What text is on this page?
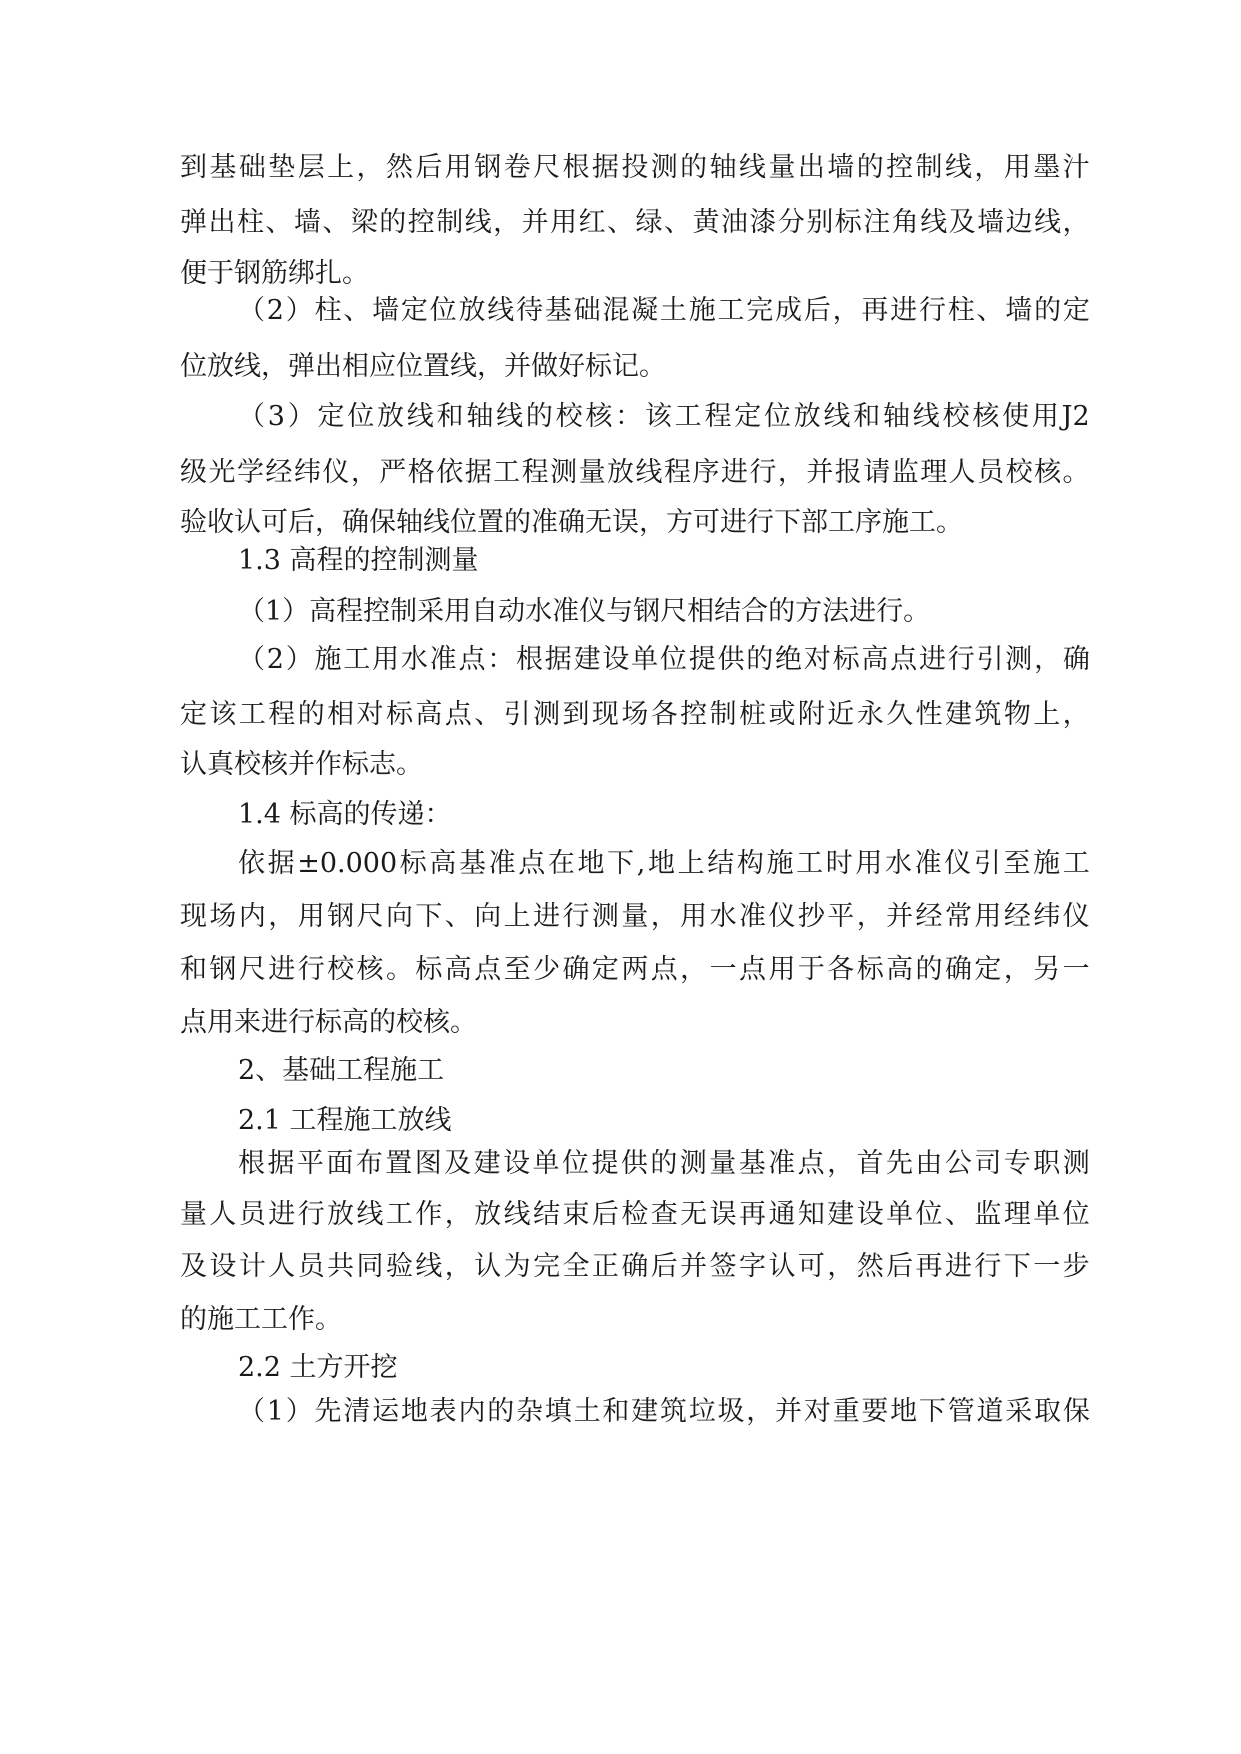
到 基 础 垫 层 上 ， 然 后 用 钢 卷 尺 根 据 投 测 的 轴 线 量 出 墙 的 控 制 线 ， 用 墨 汁
弹 出 柱 、 墙 、 梁 的 控 制 线 ， 并 用 红 、 绿 、 黄 油 漆 分 别 标 注 角 线 及 墙 边 线 ，
便于钢筋绑扎。
（ 2 ） 柱 、 墙 定 位 放 线 待 基 础 混 凝 土 施 工 完 成 后 ， 再 进 行 柱 、 墙 的 定
位放线，弹出相应位置线，并做好标记。
（ 3 ） 定 位 放 线 和 轴 线 的 校 核 ： 该 工 程 定 位 放 线 和 轴 线 校 核 使 用 J2
级 光 学 经 纬 仪 ， 严 格 依 据 工 程 测 量 放 线 程 序 进 行 ， 并 报 请 监 理 人 员 校 核 。
验收认可后，确保轴线位置的准确无误，方可进行下部工序施工。
1.3 高程的控制测量
（1）高程控制采用自动水准仪与钢尺相结合的方法进行。
（ 2 ） 施 工 用 水 准 点 ： 根 据 建 设 单 位 提 供 的 绝 对 标 高 点 进 行 引 测 ， 确
定 该 工 程 的 相 对 标 高 点 、 引 测 到 现 场 各 控 制 桩 或 附 近 永 久 性 建 筑 物 上 ，
认真校核并作标志。
1.4 标高的传递：
依 据 ±0.000 标 高 基 准 点 在 地 下 , 地 上 结 构 施 工 时 用 水 准 仪 引 至 施 工
现 场 内 ， 用 钢 尺 向 下 、 向 上 进 行 测 量 ， 用 水 准 仪 抄 平 ， 并 经 常 用 经 纬 仪
和 钢 尺 进 行 校 核 。 标 高 点 至 少 确 定 两 点 ， 一 点 用 于 各 标 高 的 确 定 ， 另 一
点用来进行标高的校核。
2、基础工程施工
2.1 工程施工放线
根 据 平 面 布 置 图 及 建 设 单 位 提 供 的 测 量 基 准 点 ， 首 先 由 公 司 专 职 测
量 人 员 进 行 放 线 工 作 ， 放 线 结 束 后 检 查 无 误 再 通 知 建 设 单 位 、 监 理 单 位
及 设 计 人 员 共 同 验 线 ， 认 为 完 全 正 确 后 并 签 字 认 可 ， 然 后 再 进 行 下 一 步
的施工工作。
2.2 土方开挖
（ 1 ） 先 清 运 地 表 内 的 杂 填 土 和 建 筑 垃 圾 ， 并 对 重 要 地 下 管 道 采 取 保
